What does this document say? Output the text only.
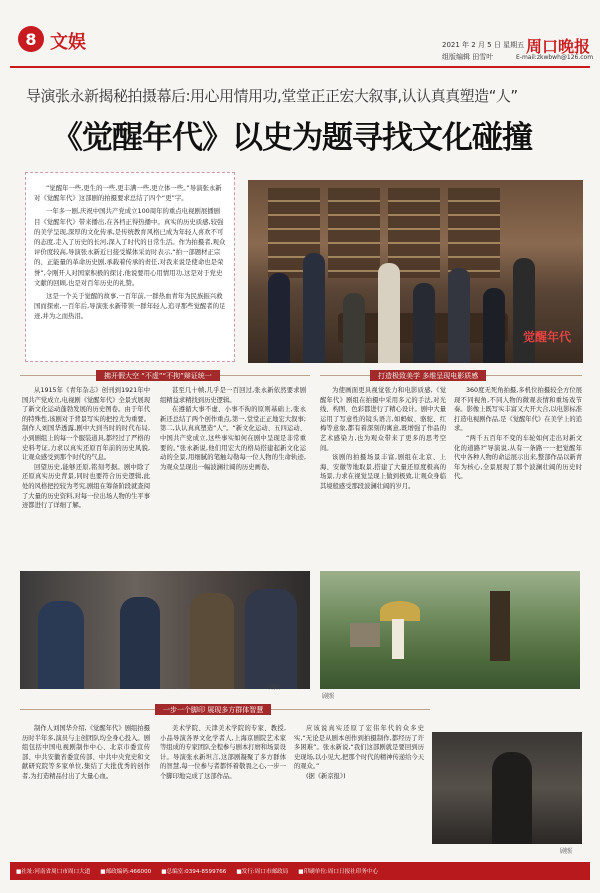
8 文娱	2021 年 2 月 5 日 星期五
组版编辑 田雪叶
周口晚报
E-mail:zkwbwh@126.com
导演张永新揭秘拍摄幕后:用心用情用功,堂堂正正宏大叙事,认认真真塑造“人”
《觉醒年代》以史为题寻找文化碰撞

“觉醒年一些,更生的一些,更丰满一些,更立体一些。”导演张永新对《觉醒年代》这部剧的拍摄要求总结了四个“更”字。

一年多一剧,庆祝中国共产党成立100周年的重点电视剧展播剧目《觉醒年代》带来播出,在各档正得热播中。真实的历史质感,较强的美学呈现,深厚的文化传承,是传统教育风格已成为年轻人喜欢不可的态度,走入了历史的长河,深入了时代的日常生活。作为拍摄者,观众评价度较高,导演张永新近日接受媒体采访时表示,“拍一部题材正宗的、正能量的革命历史剧,承载着传承的责任,对我来说是使命也是荣誉”,令刚开人对国家积极的探讨,他说要用心用情用功,这是对于党史文献的回顾,也是对百年历史的礼赞。

这是一个关于觉醒的故事,一百年前,一群热血青年为民族振兴救国而探索,一百年后,导演张永新带领一群年轻人,追寻那些觉醒者的足迹,并为之而热泪。

觉醒年代
拂开假大空 “不虚”“不拘”辩证统一	打造极致美学 多维呈现电影质感

从1915年《青年杂志》创刊到1921年中国共产党成立,电视剧《觉醒年代》全景式展现了新文化运动蓬勃发展的历史图卷。由于年代的特殊性,该剧对于背景写实的把控尤为重要。制作人刘国华透露,剧中大到当时的时代布局,小到剧组上的每一个服装道具,都经过了严格的史料考证,力求以真实还原百年前的历史风貌,让观众感受到那个时代的气息。

回望历史,能够还原,铭刻考据。剧中除了还原真实历史背景,同时也要符合历史逻辑,此处的风格把控较为考究,剧组在筹备阶段就查阅了大量的历史资料,对每一位出场人物的生平事迹都进行了详细了解。

甚至几十帧,几乎是一百回过,张永新依然要求剧组精益求精找到历史逻辑。

在遵循大事不虚、小事不拘的原则基础上,张永新还总结了两个创作重点,第一,堂堂正正地宏大叙事;第二,认认真真塑造“人”。“新文化运动、五四运动、中国共产党成立,这些事实如何在剧中呈现是非常重要的。”张永新说,他们用宏大的格局搭建起新文化运动的全景,用细腻的笔触勾勒每一位人物的生命轨迹,为观众呈现出一幅波澜壮阔的历史画卷。

为使画面更具视觉张力和电影质感,《觉醒年代》剧组在拍摄中采用多元的手法,对光线、构图、色彩都进行了精心设计。剧中大量运用了写意性的镜头语言,如蚂蚁、骆驼、红梅等意象,都有着深刻的寓意,既增强了作品的艺术感染力,也为观众带来了更多的思考空间。

该剧的拍摄场景丰富,剧组在北京、上海、安徽等地取景,搭建了大量还原度极高的场景,力求在视觉呈现上做到极致,让观众身临其境般感受那段波澜壮阔的岁月。

360度无死角拍摄,多机位拍摄较全方位展现不同视角,不同人物的微观表情和重场戏节奏。影像上既写实丰富又大开大合,以电影标准打造电视剧作品,是《觉醒年代》在美学上的追求。

“两千五百年不变的车轮如何走出对新文化的道路?”导演说,从有一条路一一把觉醒年代中各种人物的命运展示出来,整部作品以新青年为核心,全景展现了那个波澜壮阔的历史时代。

剧照
剧照
一步一个脚印 展现多方群体智慧

制作人刘国华介绍,《觉醒年代》剧组拍摄历时半年多,演员与主创团队均全身心投入。剧组包括中国电视剧制作中心、北京市委宣传部、中共安徽省委宣传部、中共中央党史和文献研究院等多家单位,集结了大批优秀的创作者,为打造精品付出了大量心血。

美术学院、天津美术学院的专家、教授,小品导演各界文化学者人,上海京剧院艺术家等组成的专家团队全程参与剧本打磨和场景设计。导演张永新坦言,这部剧凝聚了多方群体的智慧,每一位参与者都怀着敬畏之心,一步一个脚印地完成了这部作品。

应该说真实还原了宏伟年代的众多史实,“无论是从剧本创作到拍摄制作,都经历了许多困难”。张永新说,“我们这部剧就是要回到历史现场,以小见大,把那个时代的精神传递给今天的观众。”

(据《新京报》)

剧照
■社址:河南省周口市周口大道 ■邮政编码:466000 ■总编室:0394-8599766 ■发行:周口市邮政局 ■印刷单位:周口日报社印务中心
